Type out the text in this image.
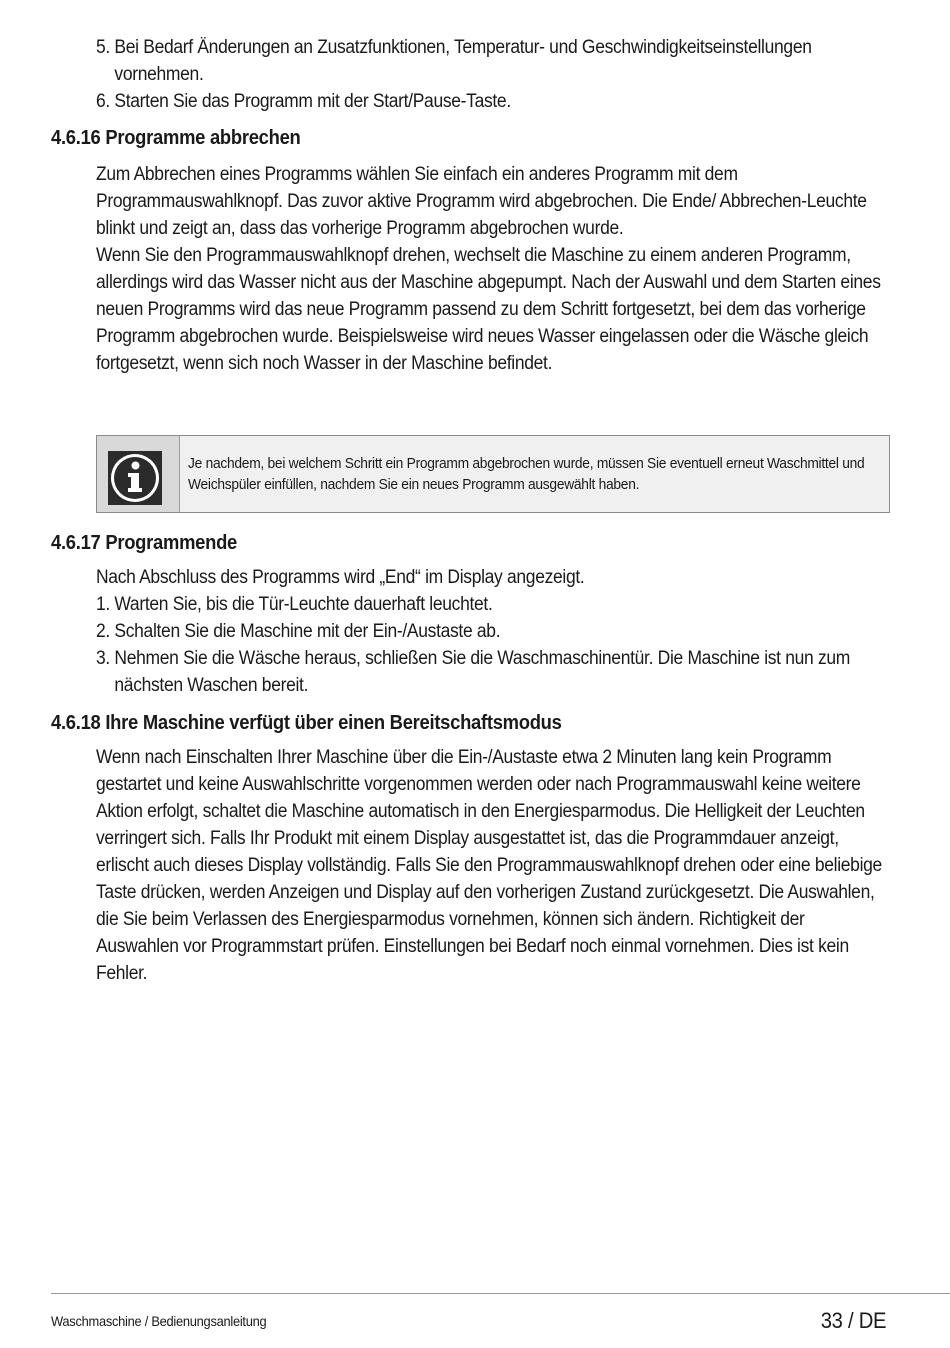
5. Bei Bedarf Änderungen an Zusatzfunktionen, Temperatur- und Geschwindigkeitseinstellungen vornehmen.
6. Starten Sie das Programm mit der Start/Pause-Taste.
4.6.16 Programme abbrechen

Zum Abbrechen eines Programms wählen Sie einfach ein anderes Programm mit dem Programmauswahlknopf. Das zuvor aktive Programm wird abgebrochen. Die Ende/ Abbrechen-Leuchte blinkt und zeigt an, dass das vorherige Programm abgebrochen wurde.

Wenn Sie den Programmauswahlknopf drehen, wechselt die Maschine zu einem anderen Programm, allerdings wird das Wasser nicht aus der Maschine abgepumpt. Nach der Auswahl und dem Starten eines neuen Programms wird das neue Programm passend zu dem Schritt fortgesetzt, bei dem das vorherige Programm abgebrochen wurde. Beispielsweise wird neues Wasser eingelassen oder die Wäsche gleich fortgesetzt, wenn sich noch Wasser in der Maschine befindet.

Je nachdem, bei welchem Schritt ein Programm abgebrochen wurde, müssen Sie eventuell erneut Waschmittel und Weichspüler einfüllen, nachdem Sie ein neues Programm ausgewählt haben.
4.6.17 Programmende
Nach Abschluss des Programms wird „End“ im Display angezeigt.
1. Warten Sie, bis die Tür-Leuchte dauerhaft leuchtet.
2. Schalten Sie die Maschine mit der Ein-/Austaste ab.
3. Nehmen Sie die Wäsche heraus, schließen Sie die Waschmaschinentür. Die Maschine ist nun zum nächsten Waschen bereit.
4.6.18 Ihre Maschine verfügt über einen Bereitschaftsmodus

Wenn nach Einschalten Ihrer Maschine über die Ein-/Austaste etwa 2 Minuten lang kein Programm gestartet und keine Auswahlschritte vorgenommen werden oder nach Programmauswahl keine weitere Aktion erfolgt, schaltet die Maschine automatisch in den Energiesparmodus. Die Helligkeit der Leuchten verringert sich. Falls Ihr Produkt mit einem Display ausgestattet ist, das die Programmdauer anzeigt, erlischt auch dieses Display vollständig. Falls Sie den Programmauswahlknopf drehen oder eine beliebige Taste drücken, werden Anzeigen und Display auf den vorherigen Zustand zurückgesetzt. Die Auswahlen, die Sie beim Verlassen des Energiesparmodus vornehmen, können sich ändern. Richtigkeit der Auswahlen vor Programmstart prüfen. Einstellungen bei Bedarf noch einmal vornehmen. Dies ist kein Fehler.

Waschmaschine / Bedienungsanleitung	33 / DE
